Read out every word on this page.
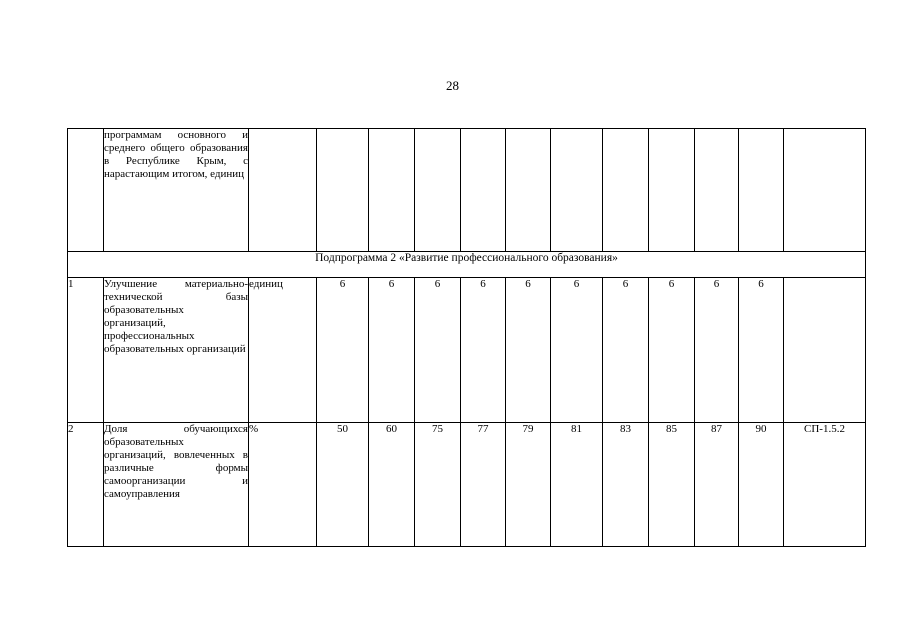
28
	программам основного и среднего общего образования в Республике Крым, с нарастающим итогом, единиц												
Подпрограмма 2 «Развитие профессионального образования»													
1	Улучшение материально-технической базы образовательных организаций, профессиональных образовательных организаций	единиц	6	6	6	6	6	6	6	6	6	6	
2	Доля обучающихся образовательных организаций, вовлеченных в различные формы самоорганизации и самоуправления	%	50	60	75	77	79	81	83	85	87	90	СП-1.5.2
